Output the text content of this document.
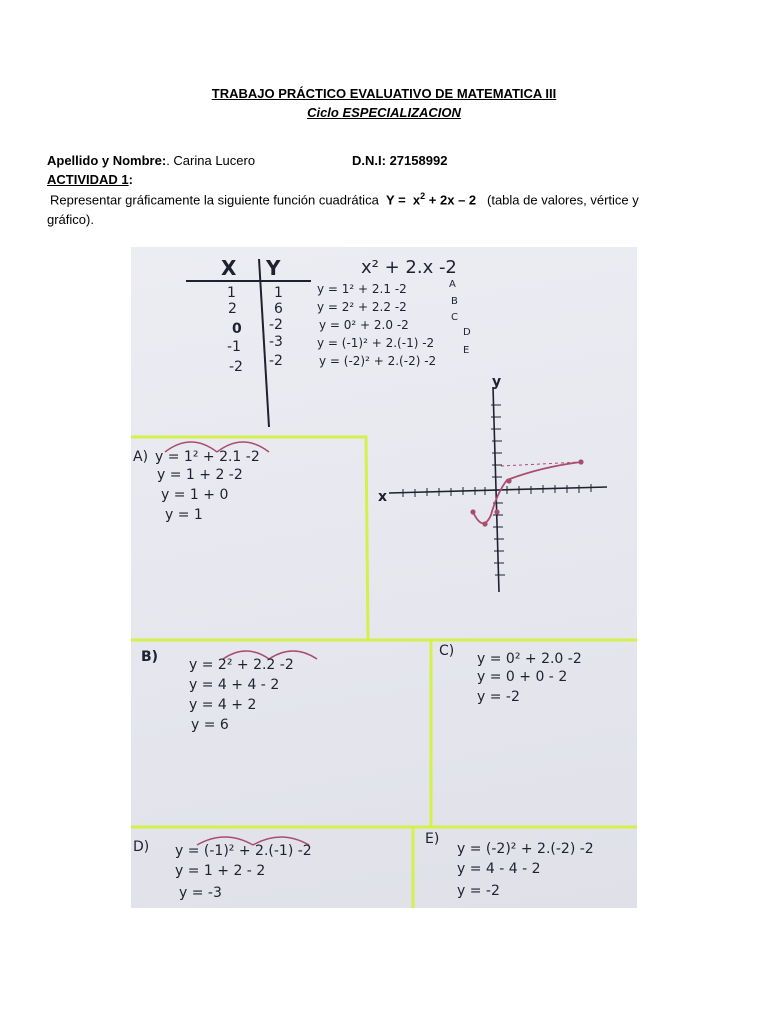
TRABAJO PRÁCTICO EVALUATIVO DE MATEMATICA III
Ciclo ESPECIALIZACION
Apellido y Nombre:. Carina Lucero	D.N.I: 27158992
ACTIVIDAD 1:
Representar gráficamente la siguiente función cuadrática $Y = x^2 + 2x - 2$ (tabla de valores, vértice y
gráfico).
X Y
1	1
2	6
0 -2
-1 -3
-2 -2
x² + 2.x -2
y = 1² + 2.1 -2	A
y = 2² + 2.2 -2	B
y = 0² + 2.0 -2
C
y = (-1)² + 2.(-1) -2
D
y = (-2)² + 2.(-2) -2
E
x
y
A) y = 1² + 2.1 -2
y = 1 + 2 -2
y = 1 + 0
y = 1
B) y = 2² + 2.2 -2
y = 4 + 4 - 2
y = 4 + 2
y = 6
C) y = 0² + 2.0 -2
y = 0 + 0 - 2
y = -2
D) y = (-1)² + 2.(-1) -2
y = 1 + 2 - 2
y = -3
E)
y = (-2)² + 2.(-2) -2
y = 4 - 4 - 2
y = -2
